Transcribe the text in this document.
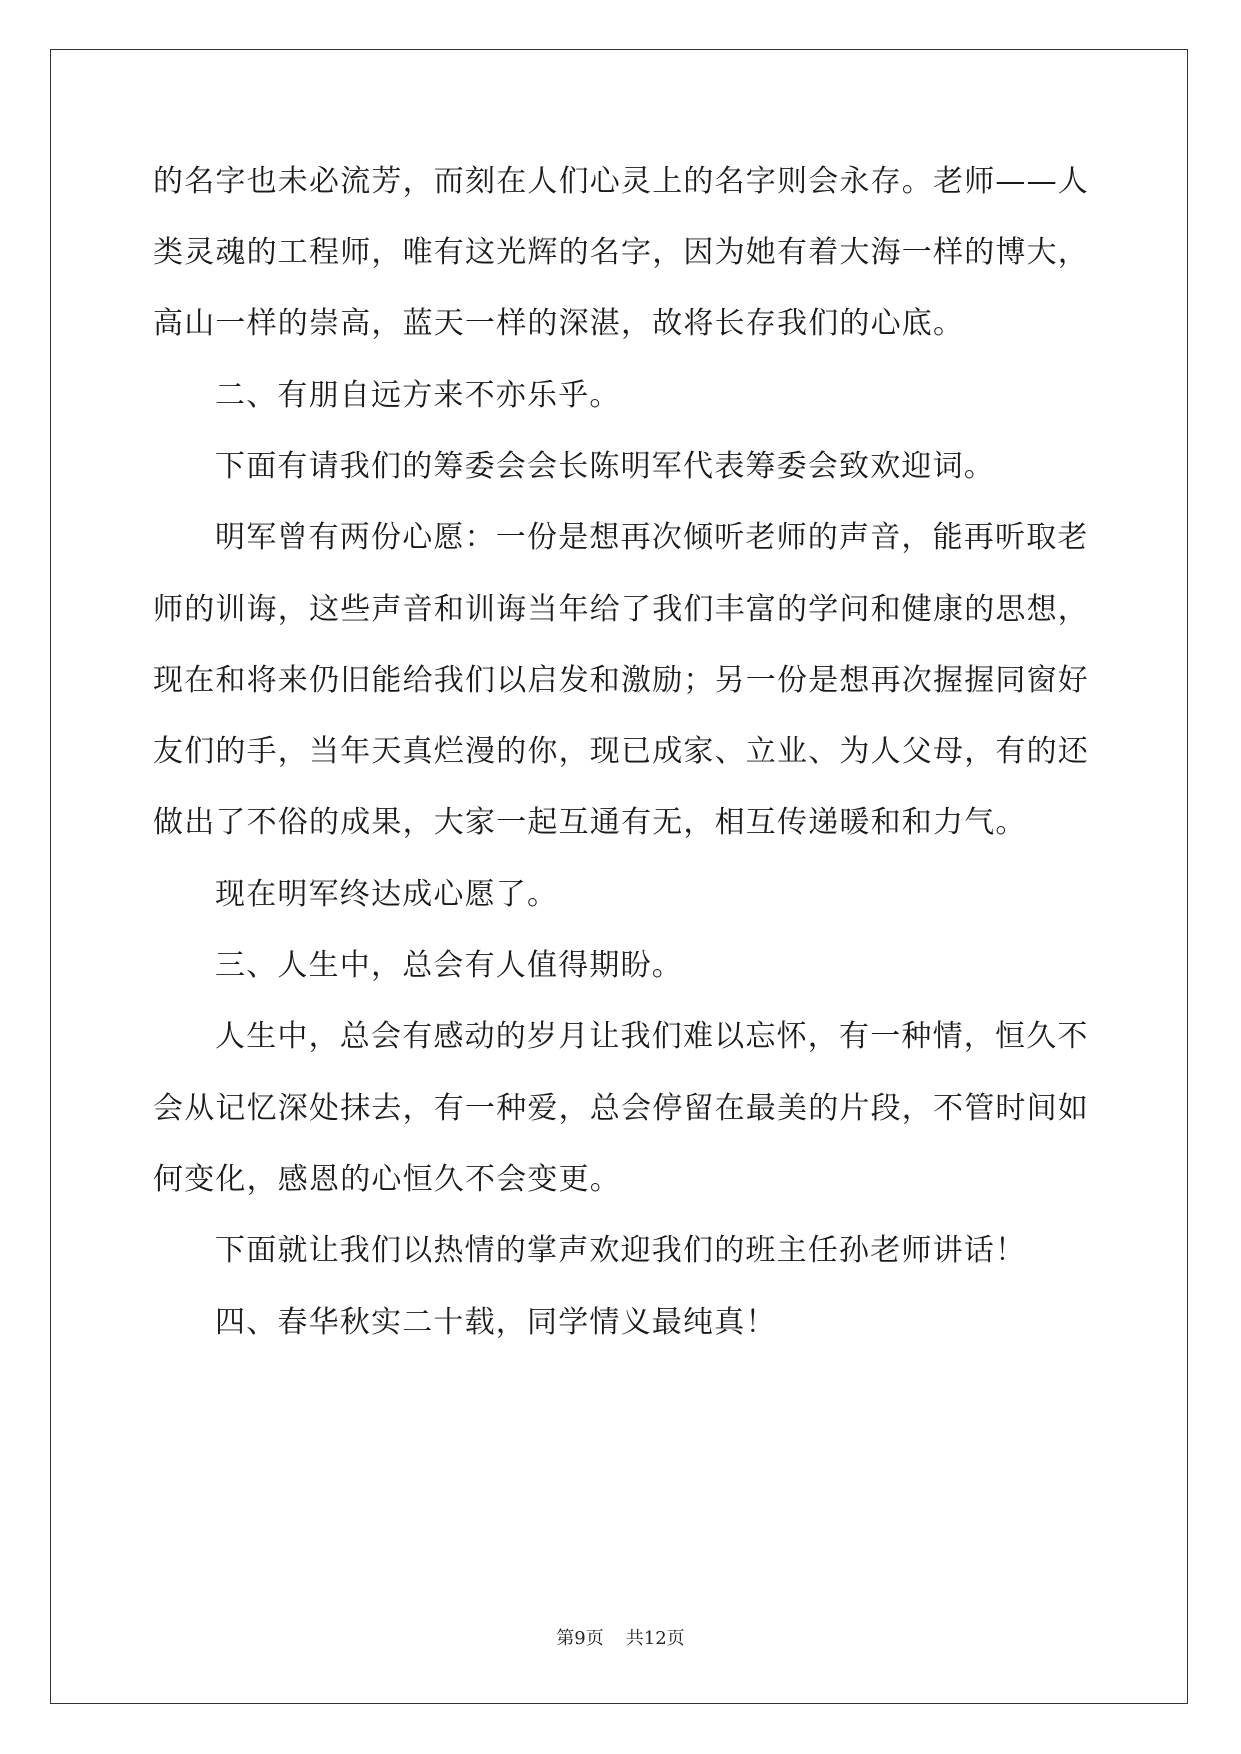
的名字也未必流芳，而刻在人们心灵上的名字则会永存。老师——人
类灵魂的工程师，唯有这光辉的名字，因为她有着大海一样的博大，
高山一样的崇高，蓝天一样的深湛，故将长存我们的心底。
二、有朋自远方来不亦乐乎。
下面有请我们的筹委会会长陈明军代表筹委会致欢迎词。
明军曾有两份心愿：一份是想再次倾听老师的声音，能再听取老
师的训诲，这些声音和训诲当年给了我们丰富的学问和健康的思想，
现在和将来仍旧能给我们以启发和激励；另一份是想再次握握同窗好
友们的手，当年天真烂漫的你，现已成家、立业、为人父母，有的还
做出了不俗的成果，大家一起互通有无，相互传递暖和和力气。
现在明军终达成心愿了。
三、人生中，总会有人值得期盼。
人生中，总会有感动的岁月让我们难以忘怀，有一种情，恒久不
会从记忆深处抹去，有一种爱，总会停留在最美的片段，不管时间如
何变化，感恩的心恒久不会变更。
下面就让我们以热情的掌声欢迎我们的班主任孙老师讲话！
四、春华秋实二十载，同学情义最纯真！
第9页 共12页
